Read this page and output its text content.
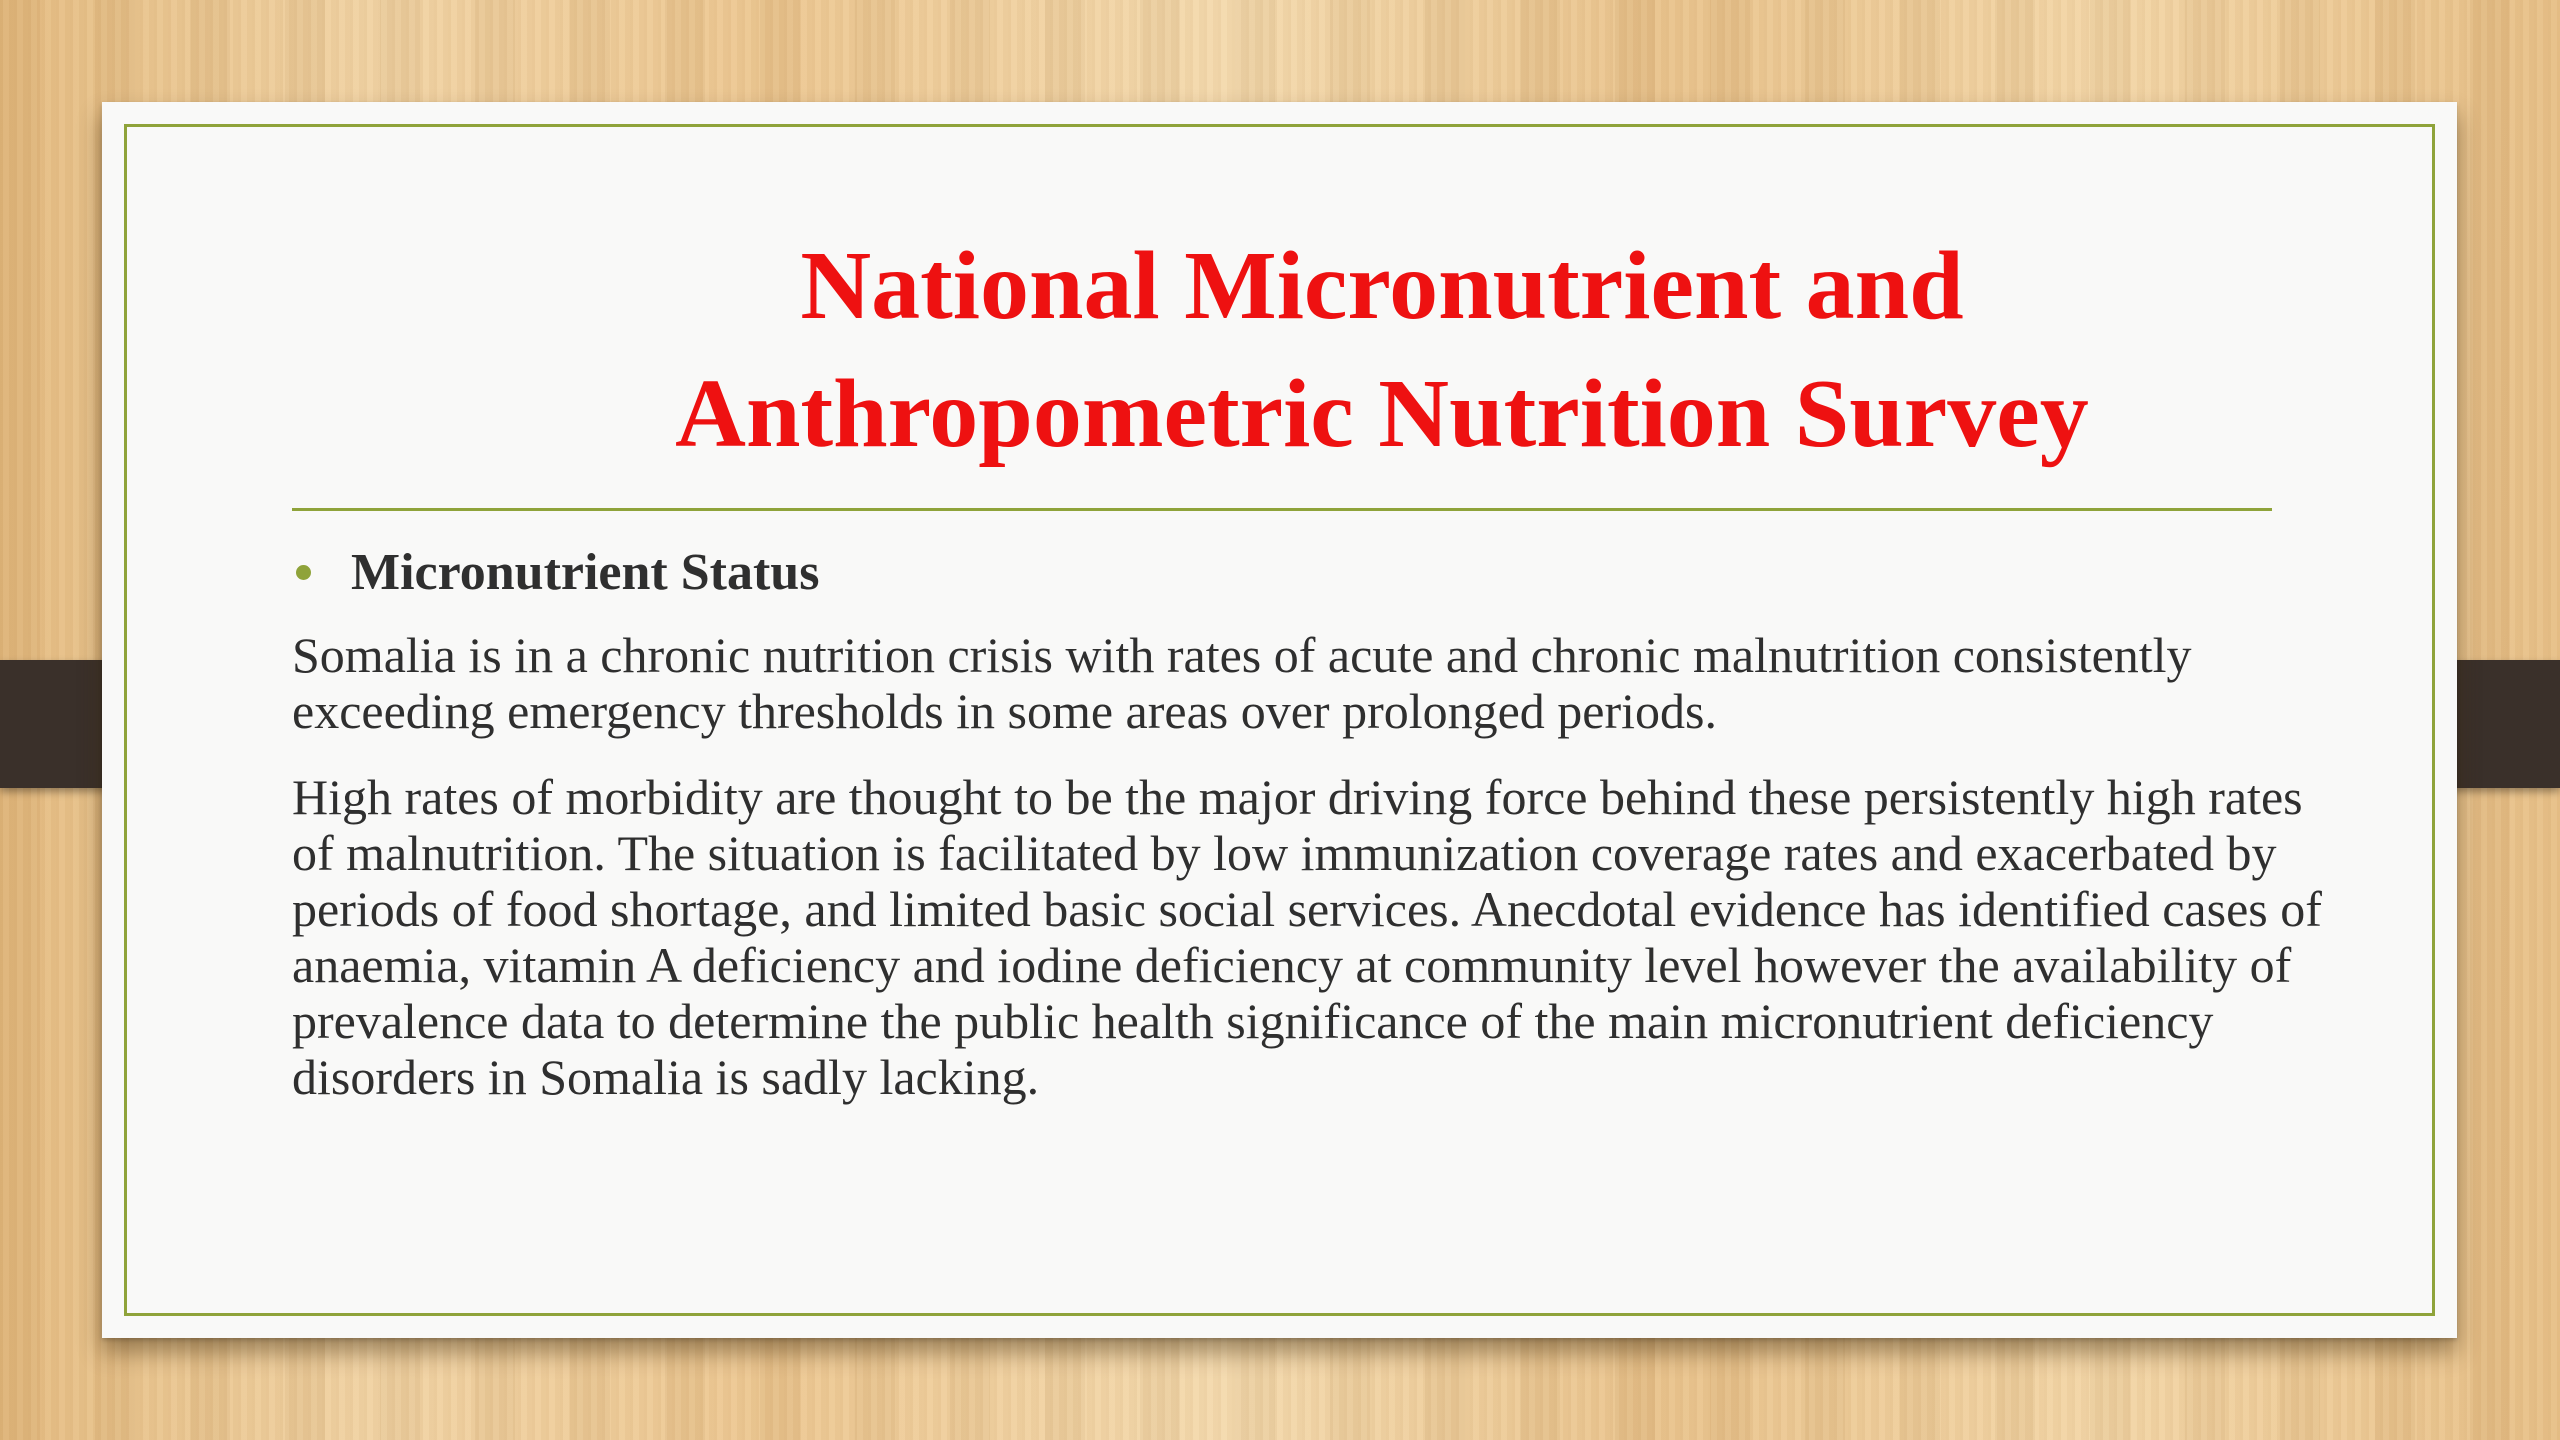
National Micronutrient and
Anthropometric Nutrition Survey
Micronutrient Status

Somalia is in a chronic nutrition crisis with rates of acute and chronic malnutrition consistently exceeding emergency thresholds in some areas over prolonged periods.

High rates of morbidity are thought to be the major driving force behind these persistently high rates of malnutrition. The situation is facilitated by low immunization coverage rates and exacerbated by periods of food shortage, and limited basic social services. Anecdotal evidence has identified cases of anaemia, vitamin A deficiency and iodine deficiency at community level however the availability of prevalence data to determine the public health significance of the main micronutrient deficiency disorders in Somalia is sadly lacking.
